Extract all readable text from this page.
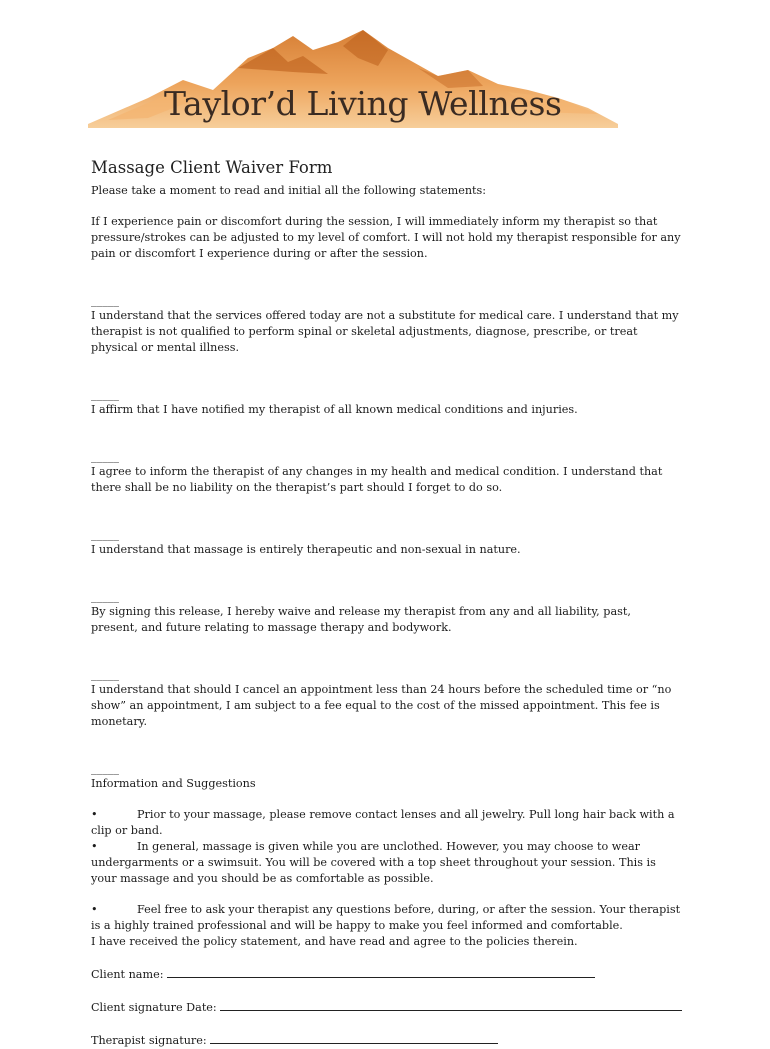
Taylor’d Living Wellness
Massage Client Waiver Form

Please take a moment to read and initial all the following statements:

If I experience pain or discomfort during the session, I will immediately inform my therapist so that pressure/strokes can be adjusted to my level of comfort. I will not hold my therapist responsible for any pain or discomfort I experience during or after the session.

_____

I understand that the services offered today are not a substitute for medical care. I understand that my therapist is not qualified to perform spinal or skeletal adjustments, diagnose, prescribe, or treat physical or mental illness.

_____

I affirm that I have notified my therapist of all known medical conditions and injuries.

_____

I agree to inform the therapist of any changes in my health and medical condition. I understand that there shall be no liability on the therapist’s part should I forget to do so.

_____

I understand that massage is entirely therapeutic and non-sexual in nature.

_____

By signing this release, I hereby waive and release my therapist from any and all liability, past, present, and future relating to massage therapy and bodywork.

_____

I understand that should I cancel an appointment less than 24 hours before the scheduled time or “no show” an appointment, I am subject to a fee equal to the cost of the missed appointment. This fee is monetary.

_____

Information and Suggestions

•	Prior to your massage, please remove contact lenses and all jewelry. Pull long hair back with a clip or band.

•	In general, massage is given while you are unclothed. However, you may choose to wear undergarments or a swimsuit. You will be covered with a top sheet throughout your session. This is your massage and you should be as comfortable as possible.

•	Feel free to ask your therapist any questions before, during, or after the session. Your therapist is a highly trained professional and will be happy to make you feel informed and comfortable.

I have received the policy statement, and have read and agree to the policies therein.

Client name:

Client signature Date:

Therapist signature:
